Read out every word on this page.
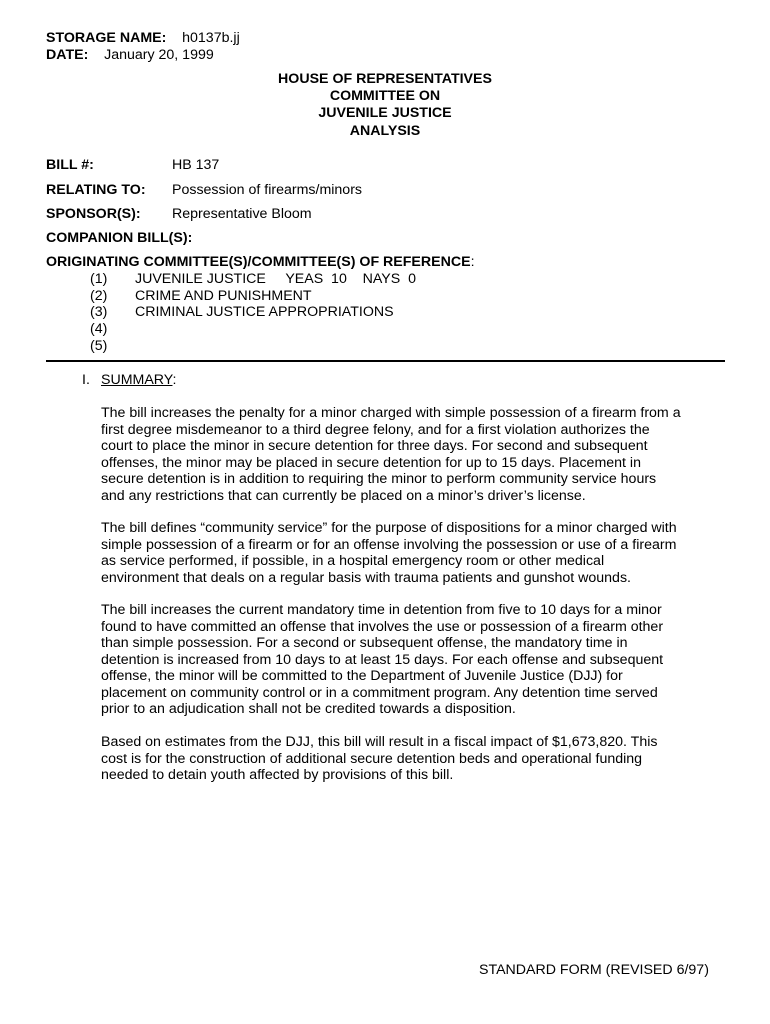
STORAGE NAME: h0137b.jj
DATE: January 20, 1999
HOUSE OF REPRESENTATIVES
COMMITTEE ON
JUVENILE JUSTICE
ANALYSIS
BILL #:	HB 137
RELATING TO: Possession of firearms/minors
SPONSOR(S): Representative Bloom
COMPANION BILL(S):
ORIGINATING COMMITTEE(S)/COMMITTEE(S) OF REFERENCE:
(1) JUVENILE JUSTICE     YEAS  10    NAYS  0
(2) CRIME AND PUNISHMENT
(3) CRIMINAL JUSTICE APPROPRIATIONS
(4)
(5)
I. SUMMARY:
The bill increases the penalty for a minor charged with simple possession of a firearm from a
first degree misdemeanor to a third degree felony, and for a first violation authorizes the
court to place the minor in secure detention for three days. For second and subsequent
offenses, the minor may be placed in secure detention for up to 15 days. Placement in
secure detention is in addition to requiring the minor to perform community service hours
and any restrictions that can currently be placed on a minor’s driver’s license.
The bill defines “community service” for the purpose of dispositions for a minor charged with
simple possession of a firearm or for an offense involving the possession or use of a firearm
as service performed, if possible, in a hospital emergency room or other medical
environment that deals on a regular basis with trauma patients and gunshot wounds.
The bill increases the current mandatory time in detention from five to 10 days for a minor
found to have committed an offense that involves the use or possession of a firearm other
than simple possession. For a second or subsequent offense, the mandatory time in
detention is increased from 10 days to at least 15 days. For each offense and subsequent
offense, the minor will be committed to the Department of Juvenile Justice (DJJ) for
placement on community control or in a commitment program. Any detention time served
prior to an adjudication shall not be credited towards a disposition.
Based on estimates from the DJJ, this bill will result in a fiscal impact of $1,673,820. This
cost is for the construction of additional secure detention beds and operational funding
needed to detain youth affected by provisions of this bill.
STANDARD FORM (REVISED 6/97)
